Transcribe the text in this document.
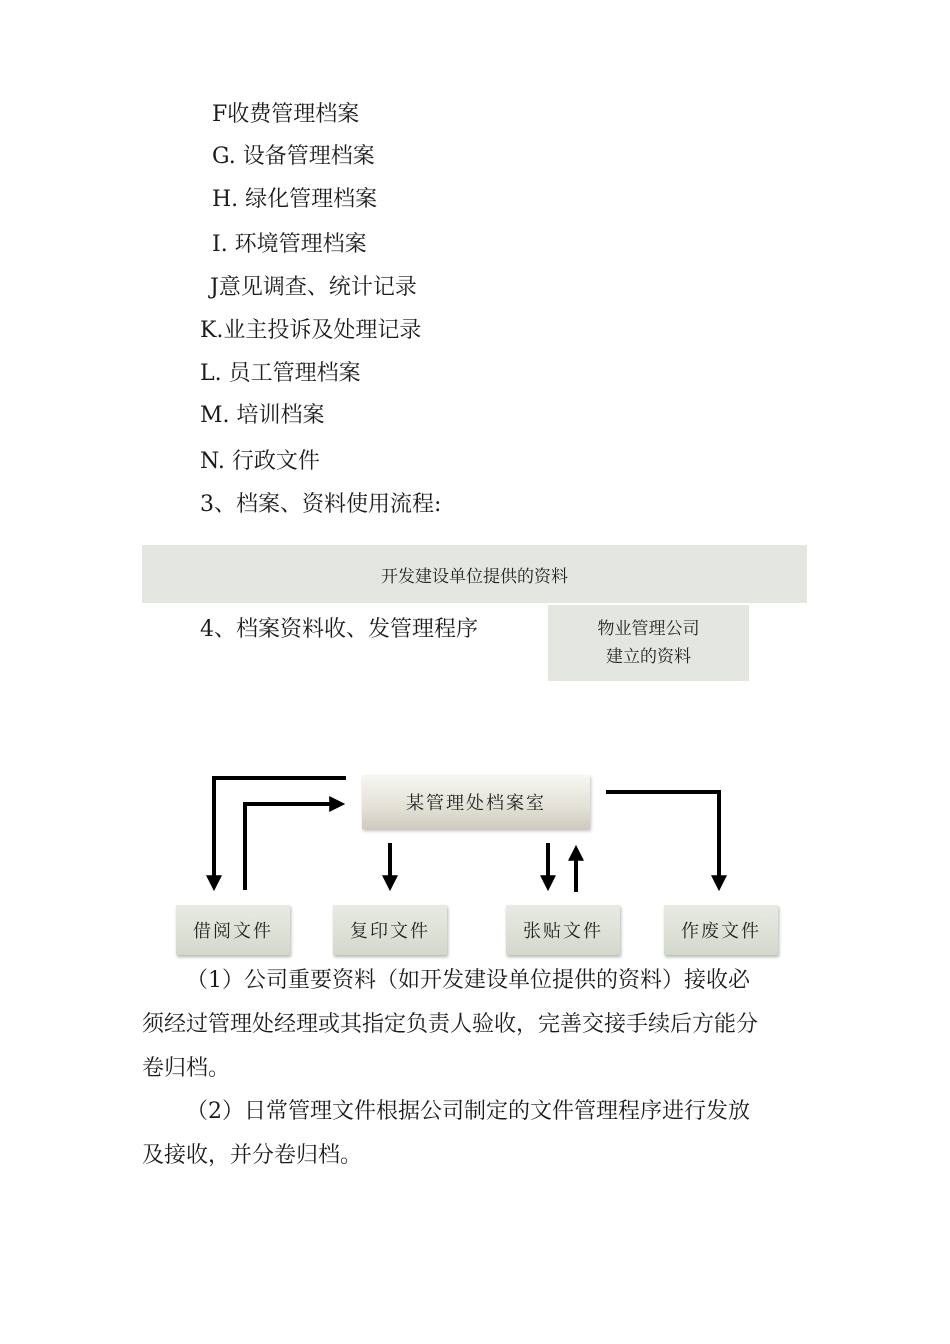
F收费管理档案
G. 设备管理档案
H. 绿化管理档案
I. 环境管理档案
J意见调查、统计记录
K.业主投诉及处理记录
L. 员工管理档案
M. 培训档案
N. 行政文件
3、档案、资料使用流程:
开发建设单位提供的资料
4、档案资料收、发管理程序	物业管理公司
建立的资料
某管理处档案室
借阅文件	复印文件	张贴文件	作废文件
（1）公司重要资料（如开发建设单位提供的资料）接收必
须经过管理处经理或其指定负责人验收，完善交接手续后方能分
卷归档。
（2）日常管理文件根据公司制定的文件管理程序进行发放
及接收，并分卷归档。
